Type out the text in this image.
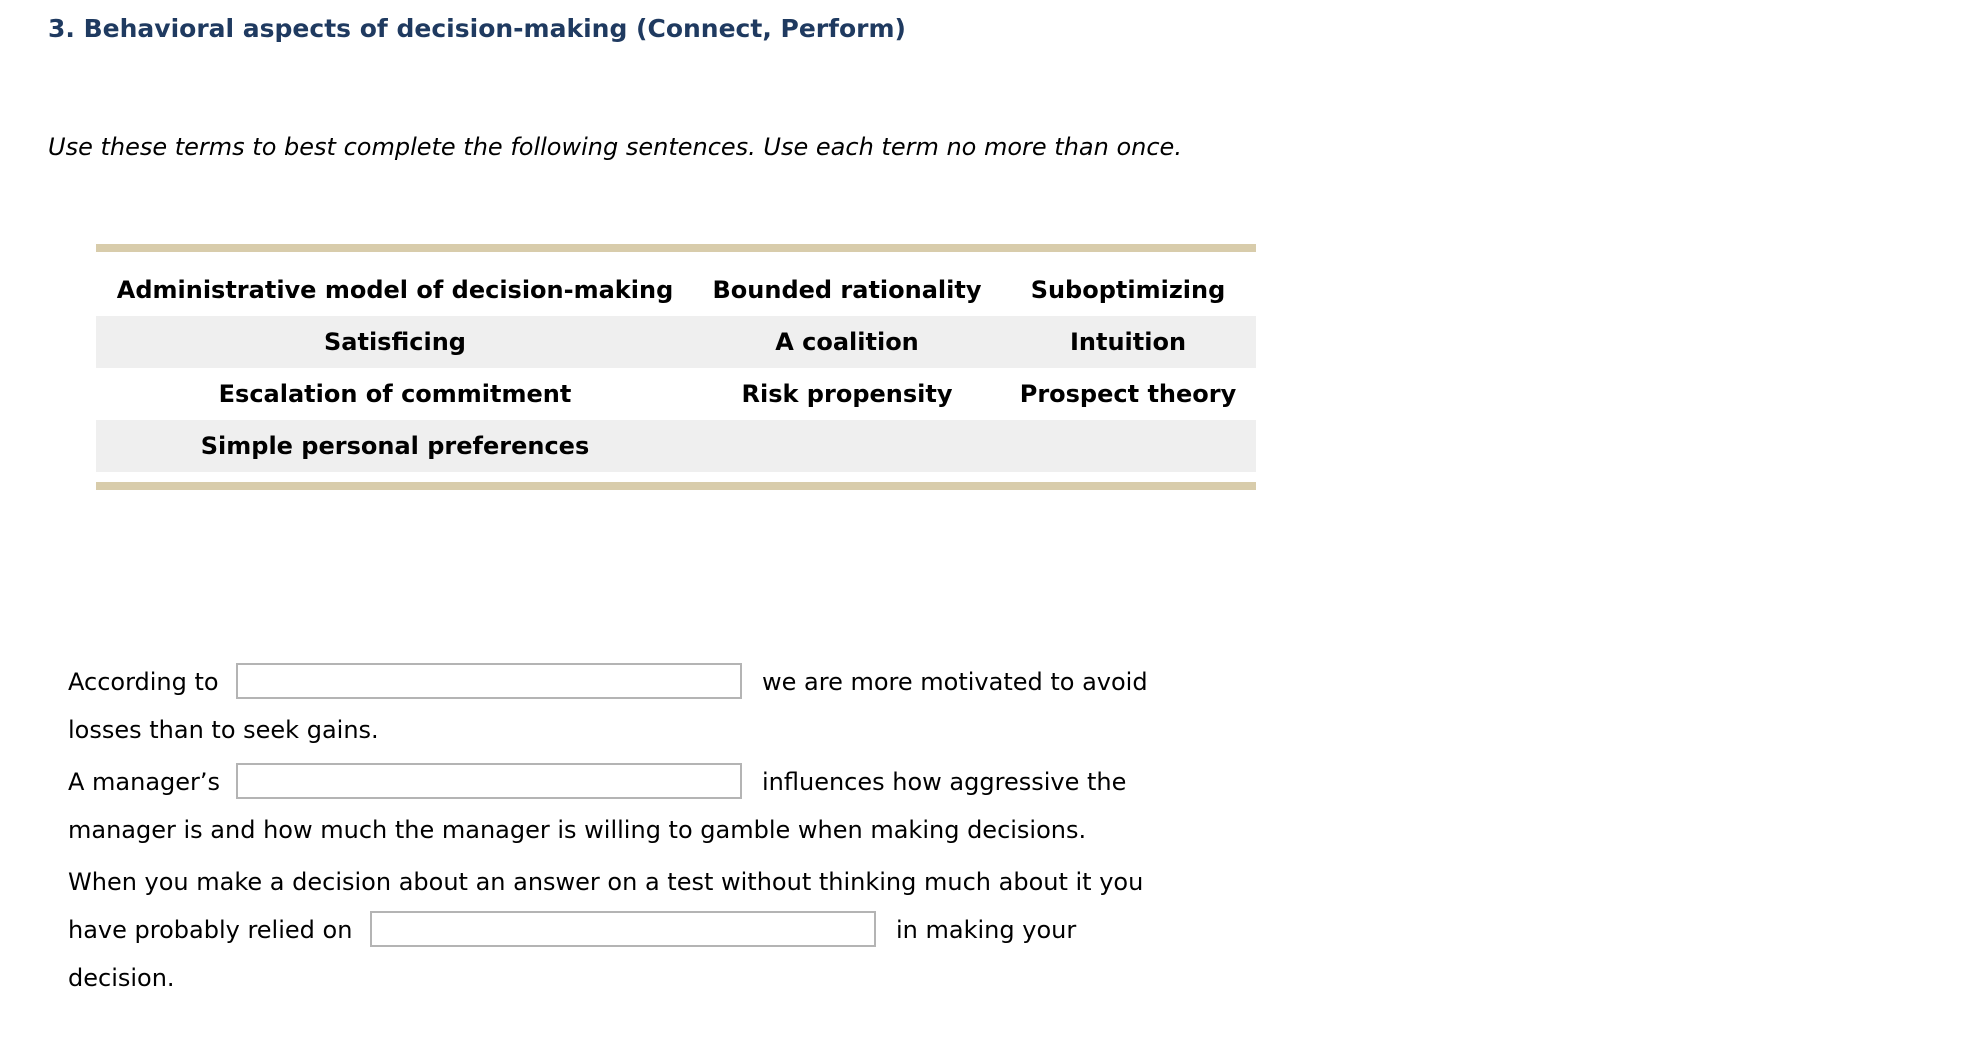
3. Behavioral aspects of decision-making (Connect, Perform)

Use these terms to best complete the following sentences. Use each term no more than once.

Administrative model of decision-making	Bounded rationality	Suboptimizing
Satisficing	A coalition	Intuition
Escalation of commitment	Risk propensity	Prospect theory
Simple personal preferences		
According to	we are more motivated to avoid
losses than to seek gains.
A manager’s	influences how aggressive the
manager is and how much the manager is willing to gamble when making decisions.
When you make a decision about an answer on a test without thinking much about it you
have probably relied on	in making your
decision.
